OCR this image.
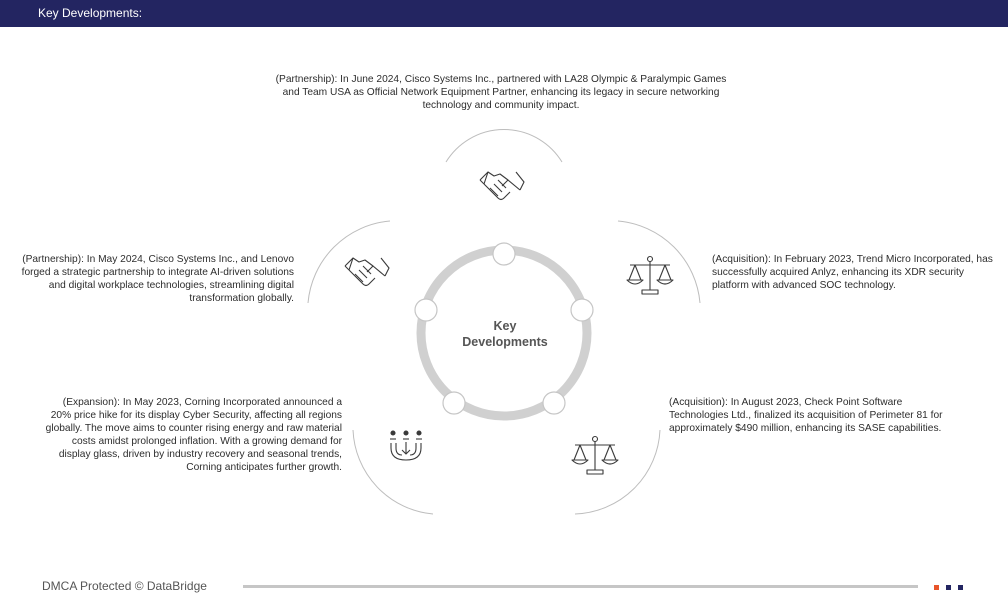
Key Developments:
(Partnership): In June 2024, Cisco Systems Inc., partnered with LA28 Olympic & Paralympic Games and Team USA as Official Network Equipment Partner, enhancing its legacy in secure networking technology and community impact.
(Partnership): In May 2024, Cisco Systems Inc., and Lenovo forged a strategic partnership to integrate AI-driven solutions and digital workplace technologies, streamlining digital transformation globally.
(Acquisition): In February 2023, Trend Micro Incorporated, has successfully acquired Anlyz, enhancing its XDR security platform with advanced SOC technology.
(Expansion): In May 2023, Corning Incorporated announced a 20% price hike for its display Cyber Security, affecting all regions globally. The move aims to counter rising energy and raw material costs amidst prolonged inflation. With a growing demand for display glass, driven by industry recovery and seasonal trends, Corning anticipates further growth.
(Acquisition): In August 2023, Check Point Software Technologies Ltd., finalized its acquisition of Perimeter 81 for approximately $490 million, enhancing its SASE capabilities.
Key
Developments
DMCA Protected © DataBridge
